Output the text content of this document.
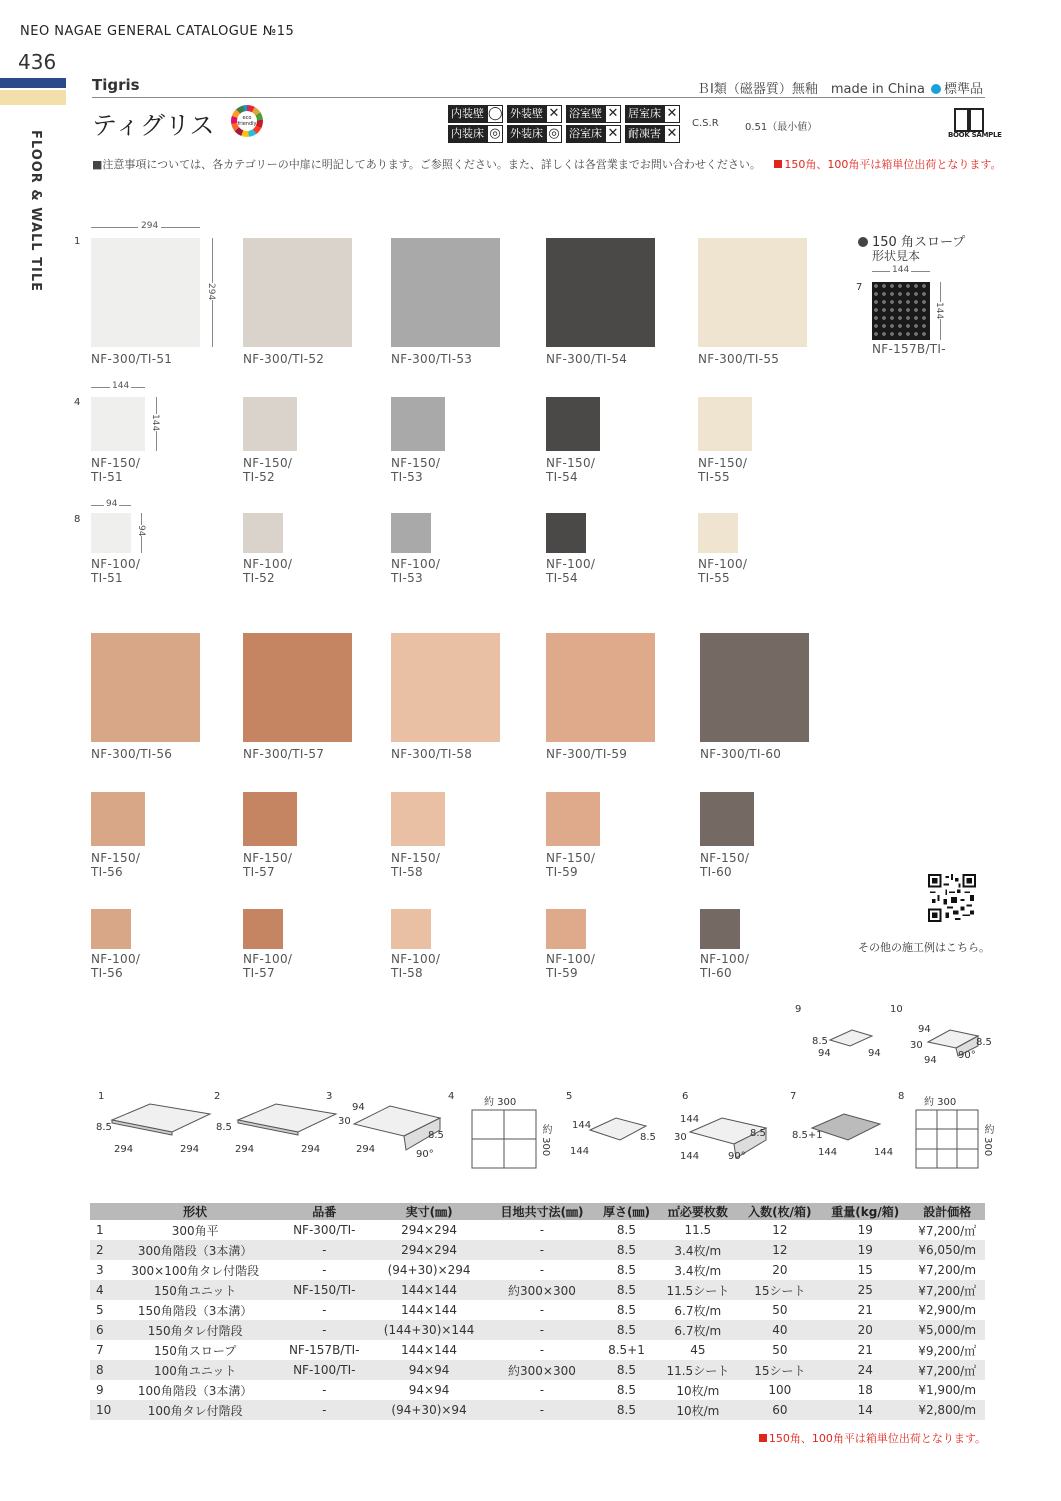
NEO NAGAE GENERAL CATALOGUE №15
436
FLOOR & WALL TILE
Tigris	ＢⅠ類（磁器質）無釉　made in China 標準品
ティグリス	eco friendly
内装壁 ◯ 外装壁 ✕ 浴室壁 ✕ 居室床 ✕
内装床 ◎ 外装床 ◎ 浴室床 ✕ 耐凍害 ✕
C.S.R	0.51（最小値）
BOOK SAMPLE
■注意事項については、各カテゴリーの中扉に明記してあります。ご参照ください。また、詳しくは各営業までお問い合わせください。 150角、100角平は箱単位出荷となります。
NF-300/TI-51
NF-150/
TI-51
NF-100/
TI-51
NF-300/TI-52
NF-150/
TI-52
NF-100/
TI-52
NF-300/TI-53
NF-150/
TI-53
NF-100/
TI-53
NF-300/TI-54
NF-150/
TI-54
NF-100/
TI-54
NF-300/TI-55
NF-150/
TI-55
NF-100/
TI-55
NF-300/TI-56
NF-150/
TI-56
NF-100/
TI-56
NF-300/TI-57
NF-150/
TI-57
NF-100/
TI-57
NF-300/TI-58
NF-150/
TI-58
NF-100/
TI-58
NF-300/TI-59
NF-150/
TI-59
NF-100/
TI-59
NF-300/TI-60
NF-150/
TI-60
NF-100/
TI-60
1
4
8
294
294
144
144
94
94
150 角スロープ
形状見本
7
144
144
NF-157B/TI-
その他の施工例はこちら。
1
8.5
294	294
2
8.5
294	294
3
94
30
8.5
294	90°
4
約 300
約 300
5
144
8.5
144
6
144
30	8.5
144	90°
7
8.5+1
144	144
8
約 300
約 300
9
8.5
94	94
10
94
30	8.5
94 90°
	形状	品番	実寸(㎜)	目地共寸法(㎜)	厚さ(㎜)	㎡必要枚数	入数(枚/箱)	重量(kg/箱)	設計価格
1	300角平	NF-300/TI-	294×294	-	8.5	11.5	12	19	¥7,200/㎡
2	300角階段（3本溝）	-	294×294	-	8.5	3.4枚/m	12	19	¥6,050/m
3	300×100角タレ付階段	-	(94+30)×294	-	8.5	3.4枚/m	20	15	¥7,200/m
4	150角ユニット	NF-150/TI-	144×144	約300×300	8.5	11.5シート	15シート	25	¥7,200/㎡
5	150角階段（3本溝）	-	144×144	-	8.5	6.7枚/m	50	21	¥2,900/m
6	150角タレ付階段	-	(144+30)×144	-	8.5	6.7枚/m	40	20	¥5,000/m
7	150角スロープ	NF-157B/TI-	144×144	-	8.5+1	45	50	21	¥9,200/㎡
8	100角ユニット	NF-100/TI-	94×94	約300×300	8.5	11.5シート	15シート	24	¥7,200/㎡
9	100角階段（3本溝）	-	94×94	-	8.5	10枚/m	100	18	¥1,900/m
10	100角タレ付階段	-	(94+30)×94	-	8.5	10枚/m	60	14	¥2,800/m
150角、100角平は箱単位出荷となります。
